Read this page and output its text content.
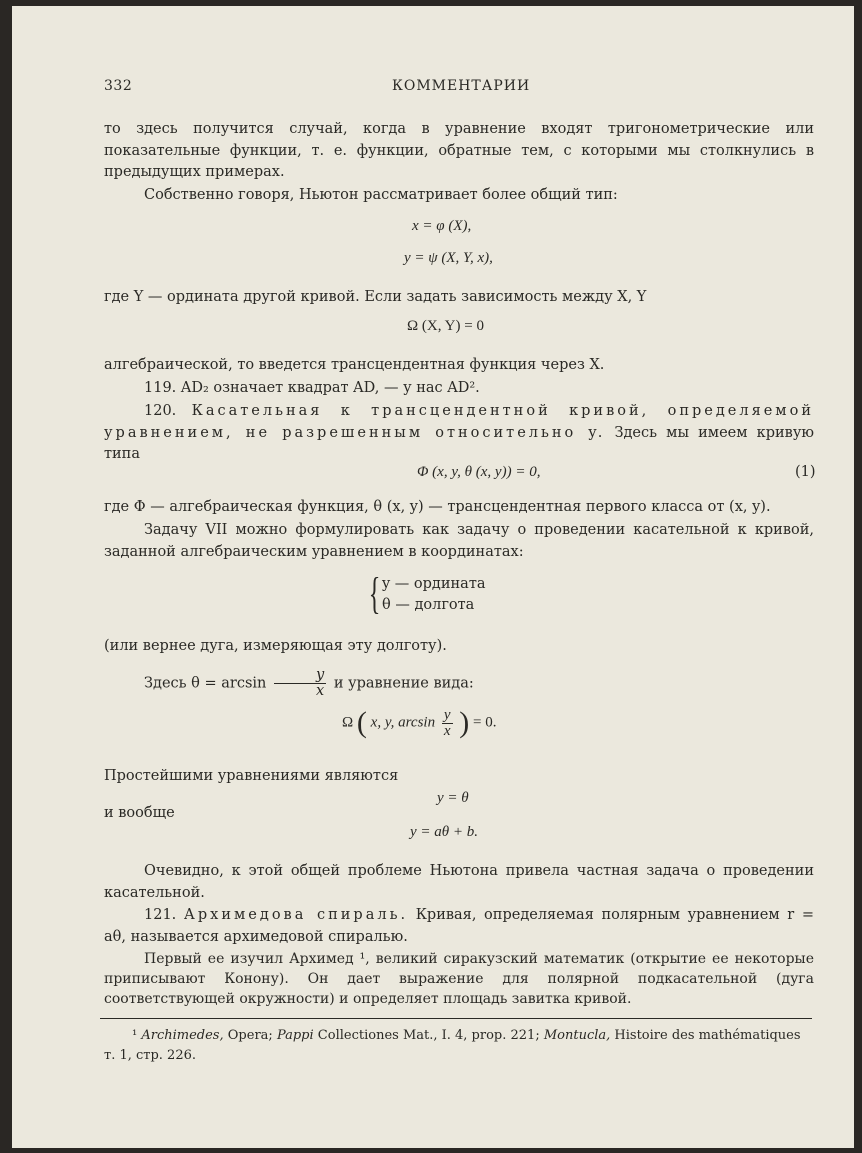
332	КОММЕНТАРИИ
то здесь получится случай, когда в уравнение входят тригонометрические или показательные функции, т. е. функции, обратные тем, с которыми мы столкнулись в предыдущих примерах.
Собственно говоря, Ньютон рассматривает более общий тип:
x = φ (X),
y = ψ (X, Y, x),
где Y — ордината другой кривой. Если задать зависимость между X, Y
Ω (X, Y) = 0
алгебраической, то введется трансцендентная функция через X.
119. AD₂ означает квадрат AD, — у нас AD².
120. Касательная к трансцендентной кривой, определяемой уравнением, не разрешенным относительно y. Здесь мы имеем кривую типа
Φ (x, y, θ (x, y)) = 0,	(1)
где Φ — алгебраическая функция, θ (x, y) — трансцендентная первого класса от (x, y).
Задачу VII можно формулировать как задачу о проведении касательной к кривой, заданной алгебраическим уравнением в координатах:
{ y — ордината
θ — долгота
(или вернее дуга, измеряющая эту долготу).
Здесь $\theta = \arcsin \frac{y}{x}$ и уравнение вида:
Ω ( x, y, $\arcsin \frac{y}{x}$ ) = 0.
Простейшими уравнениями являются
y = θ
и вообще
y = aθ + b.
Очевидно, к этой общей проблеме Ньютона привела частная задача о проведении касательной.
121. Архимедова спираль. Кривая, определяемая полярным уравнением r = aθ, называется архимедовой спиралью.
Первый ее изучил Архимед ¹, великий сиракузский математик (открытие ее некоторые приписывают Конону). Он дает выражение для полярной подкасательной (дуга соответствующей окружности) и определяет площадь завитка кривой.
¹ Archimedes, Opera; Pappi Collectiones Mat., I. 4, prop. 221; Montucla, Histoire des mathématiques т. 1, стр. 226.
